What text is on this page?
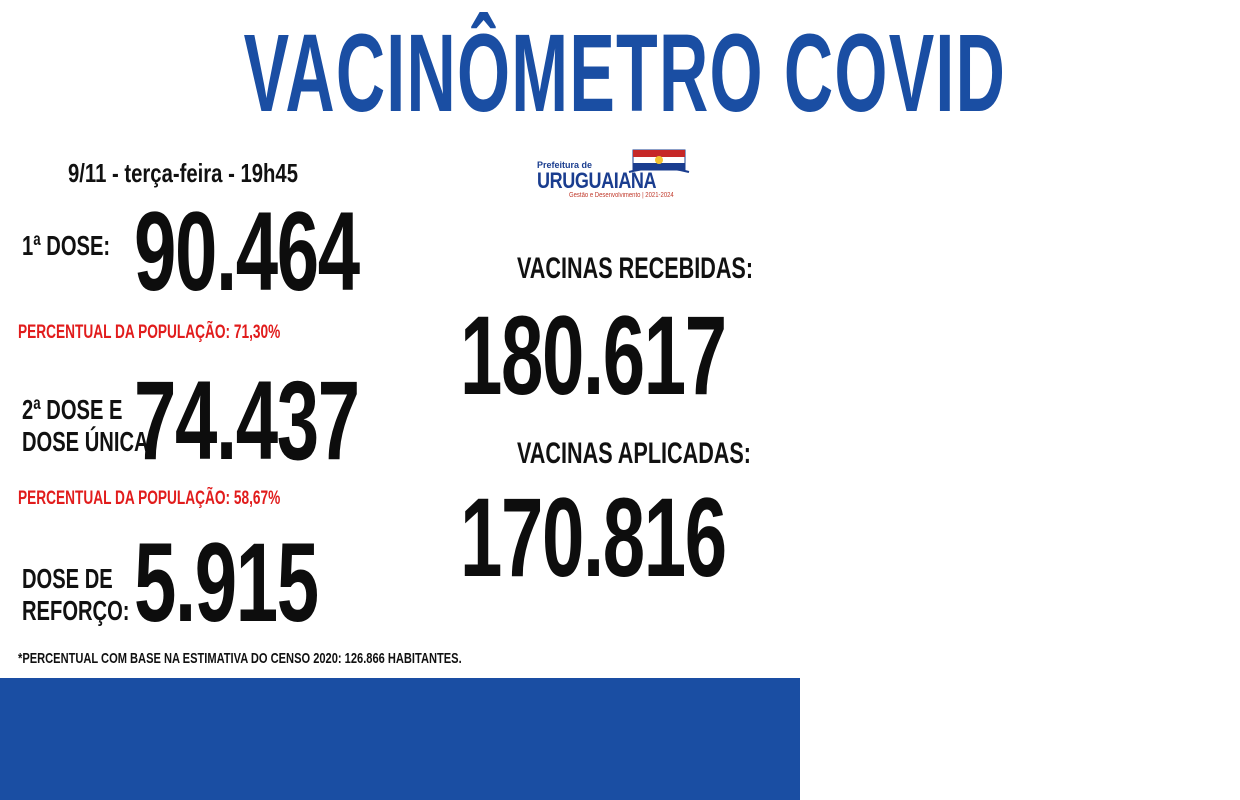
VACINÔMETRO COVID
9/11 - terça-feira - 19h45	Prefeitura de
URUGUAIANA
Gestão e Desenvolvimento | 2021-2024
1ª DOSE: 90.464
PERCENTUAL DA POPULAÇÃO: 71,30%
2ª DOSE E
DOSE ÚNICA:
74.437
PERCENTUAL DA POPULAÇÃO: 58,67%
DOSE DE
REFORÇO: 5.915
VACINAS RECEBIDAS:
180.617
VACINAS APLICADAS:
170.816
*PERCENTUAL COM BASE NA ESTIMATIVA DO CENSO 2020: 126.866 HABITANTES.
